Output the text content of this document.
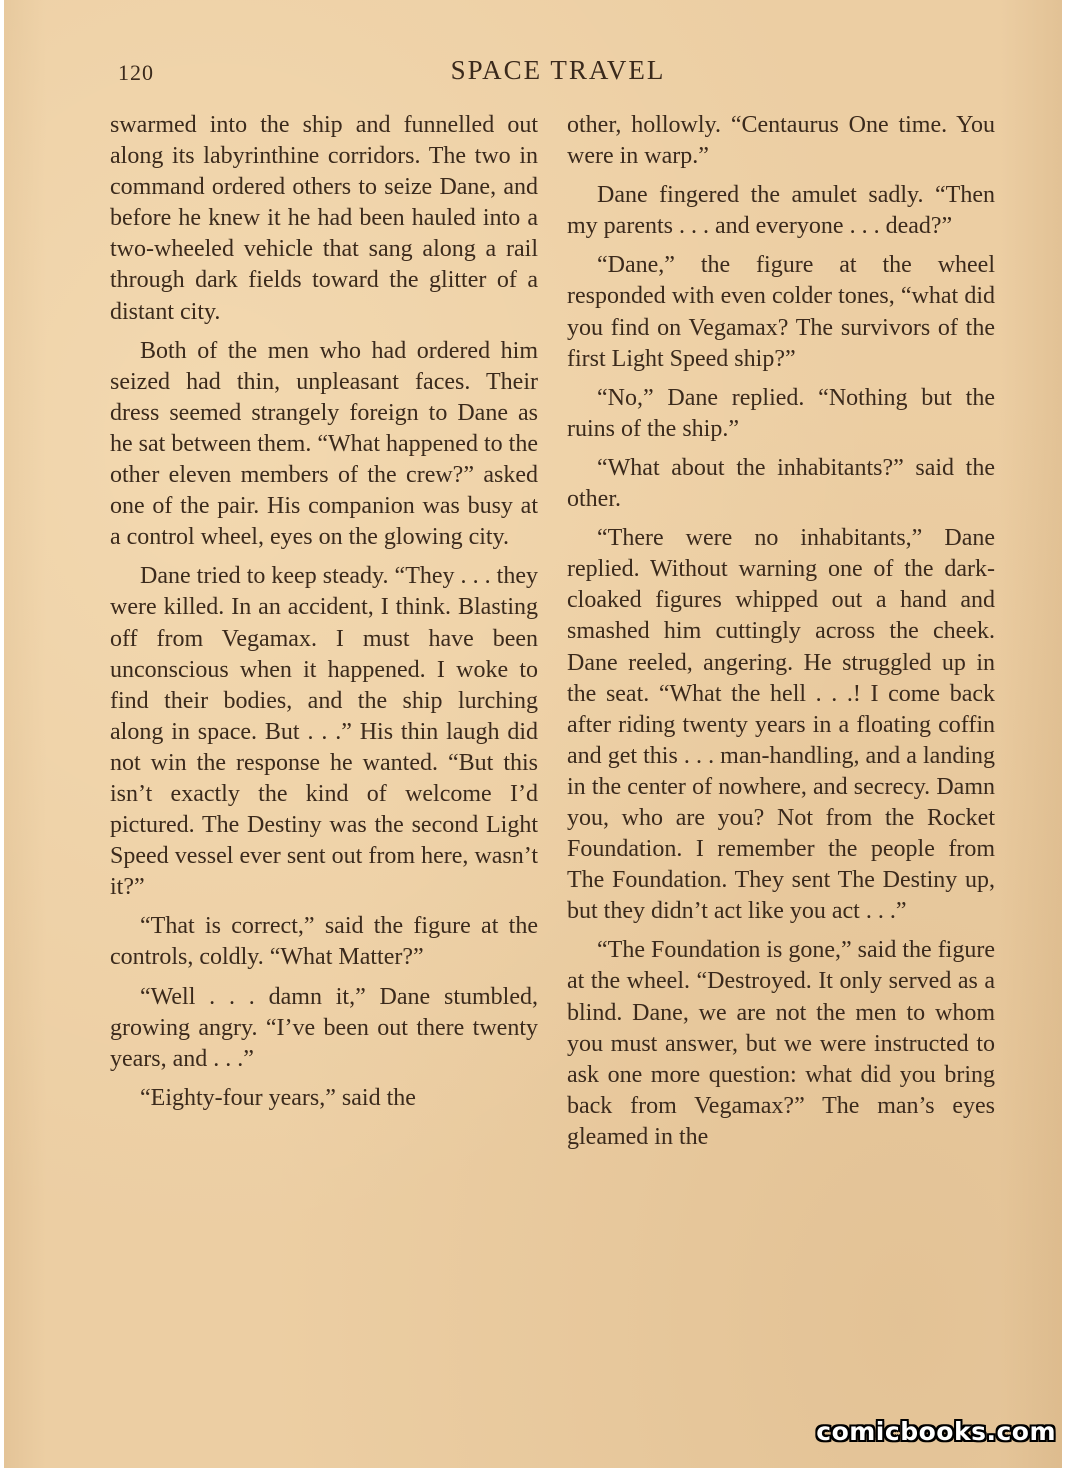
120	SPACE TRAVEL

swarmed into the ship and funnelled out along its labyrinthine corridors. The two in command ordered others to seize Dane, and before he knew it he had been hauled into a two-wheeled vehicle that sang along a rail through dark fields toward the glitter of a distant city.

Both of the men who had ordered him seized had thin, unpleasant faces. Their dress seemed strangely foreign to Dane as he sat between them. “What happened to the other eleven members of the crew?” asked one of the pair. His companion was busy at a control wheel, eyes on the glowing city.

Dane tried to keep steady. “They . . . they were killed. In an accident, I think. Blasting off from Vegamax. I must have been unconscious when it happened. I woke to find their bodies, and the ship lurching along in space. But . . .” His thin laugh did not win the response he wanted. “But this isn’t exactly the kind of welcome I’d pictured. The Destiny was the second Light Speed vessel ever sent out from here, wasn’t it?”

“That is correct,” said the figure at the controls, coldly. “What Matter?”

“Well . . . damn it,” Dane stumbled, growing angry. “I’ve been out there twenty years, and . . .”

“Eighty-four years,” said the

other, hollowly. “Centaurus One time. You were in warp.”

Dane fingered the amulet sadly. “Then my parents . . . and everyone . . . dead?”

“Dane,” the figure at the wheel responded with even colder tones, “what did you find on Vegamax? The survivors of the first Light Speed ship?”

“No,” Dane replied. “Nothing but the ruins of the ship.”

“What about the inhabitants?” said the other.

“There were no inhabitants,” Dane replied. Without warning one of the dark-cloaked figures whipped out a hand and smashed him cuttingly across the cheek. Dane reeled, angering. He struggled up in the seat. “What the hell . . .! I come back after riding twenty years in a floating coffin and get this . . . man-handling, and a landing in the center of nowhere, and secrecy. Damn you, who are you? Not from the Rocket Foundation. I remember the people from The Foundation. They sent The Destiny up, but they didn’t act like you act . . .”

“The Foundation is gone,” said the figure at the wheel. “Destroyed. It only served as a blind. Dane, we are not the men to whom you must answer, but we were instructed to ask one more question: what did you bring back from Vegamax?” The man’s eyes gleamed in the

comicbooks.com
